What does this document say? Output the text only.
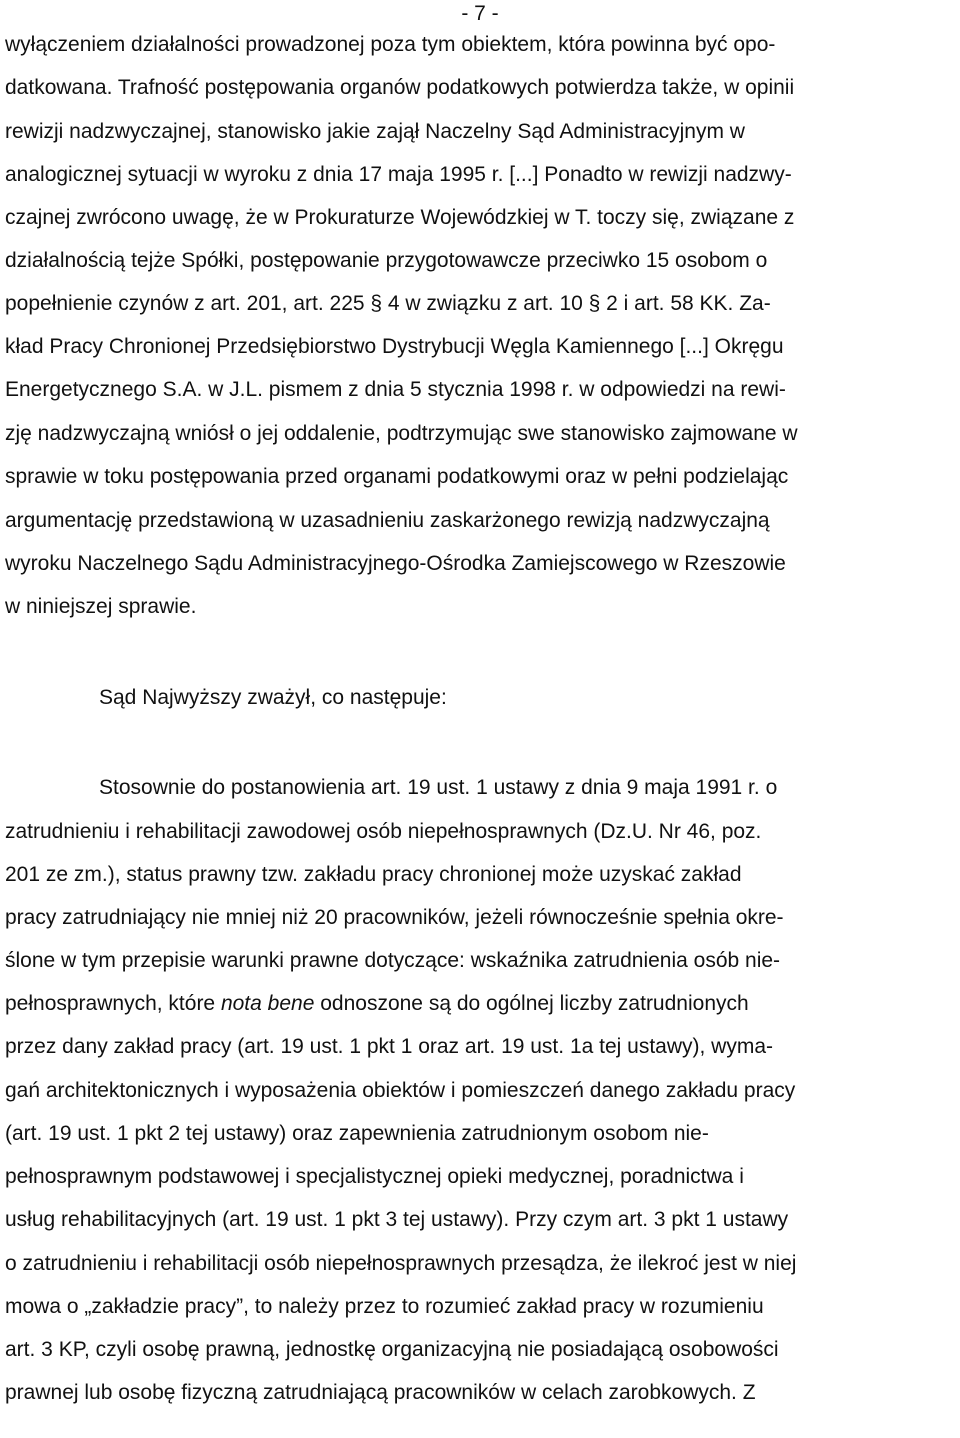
- 7 -
wyłączeniem działalności prowadzonej poza tym obiektem, która powinna być opo-
datkowana. Trafność postępowania organów podatkowych potwierdza także, w opinii
rewizji nadzwyczajnej, stanowisko jakie zajął Naczelny Sąd Administracyjnym w
analogicznej sytuacji w wyroku z dnia 17 maja 1995 r. [...] Ponadto w rewizji nadzwy-
czajnej zwrócono uwagę, że w Prokuraturze Wojewódzkiej w T. toczy się, związane z
działalnością tejże Spółki, postępowanie przygotowawcze przeciwko 15 osobom o
popełnienie czynów z art. 201, art. 225 § 4 w związku z art. 10 § 2 i art. 58 KK. Za-
kład Pracy Chronionej Przedsiębiorstwo Dystrybucji Węgla Kamiennego [...] Okręgu
Energetycznego S.A. w J.L. pismem z dnia 5 stycznia 1998 r. w odpowiedzi na rewi-
zję nadzwyczajną wniósł o jej oddalenie, podtrzymując swe stanowisko zajmowane w
sprawie w toku postępowania przed organami podatkowymi oraz w pełni podzielając
argumentację przedstawioną w uzasadnieniu zaskarżonego rewizją nadzwyczajną
wyroku Naczelnego Sądu Administracyjnego-Ośrodka Zamiejscowego w Rzeszowie
w niniejszej sprawie.
Sąd Najwyższy zważył, co następuje:
Stosownie do postanowienia art. 19 ust. 1 ustawy z dnia 9 maja 1991 r. o
zatrudnieniu i rehabilitacji zawodowej osób niepełnosprawnych (Dz.U. Nr 46, poz.
201 ze zm.), status prawny tzw. zakładu pracy chronionej może uzyskać zakład
pracy zatrudniający nie mniej niż 20 pracowników, jeżeli równocześnie spełnia okre-
ślone w tym przepisie warunki prawne dotyczące: wskaźnika zatrudnienia osób nie-
pełnosprawnych, które nota bene odnoszone są do ogólnej liczby zatrudnionych
przez dany zakład pracy (art. 19 ust. 1 pkt 1 oraz art. 19 ust. 1a tej ustawy), wyma-
gań architektonicznych i wyposażenia obiektów i pomieszczeń danego zakładu pracy
(art. 19 ust. 1 pkt 2 tej ustawy) oraz zapewnienia zatrudnionym osobom nie-
pełnosprawnym podstawowej i specjalistycznej opieki medycznej, poradnictwa i
usług rehabilitacyjnych (art. 19 ust. 1 pkt 3 tej ustawy). Przy czym art. 3 pkt 1 ustawy
o zatrudnieniu i rehabilitacji osób niepełnosprawnych przesądza, że ilekroć jest w niej
mowa o „zakładzie pracy”, to należy przez to rozumieć zakład pracy w rozumieniu
art. 3 KP, czyli osobę prawną, jednostkę organizacyjną nie posiadającą osobowości
prawnej lub osobę fizyczną zatrudniającą pracowników w celach zarobkowych. Z
